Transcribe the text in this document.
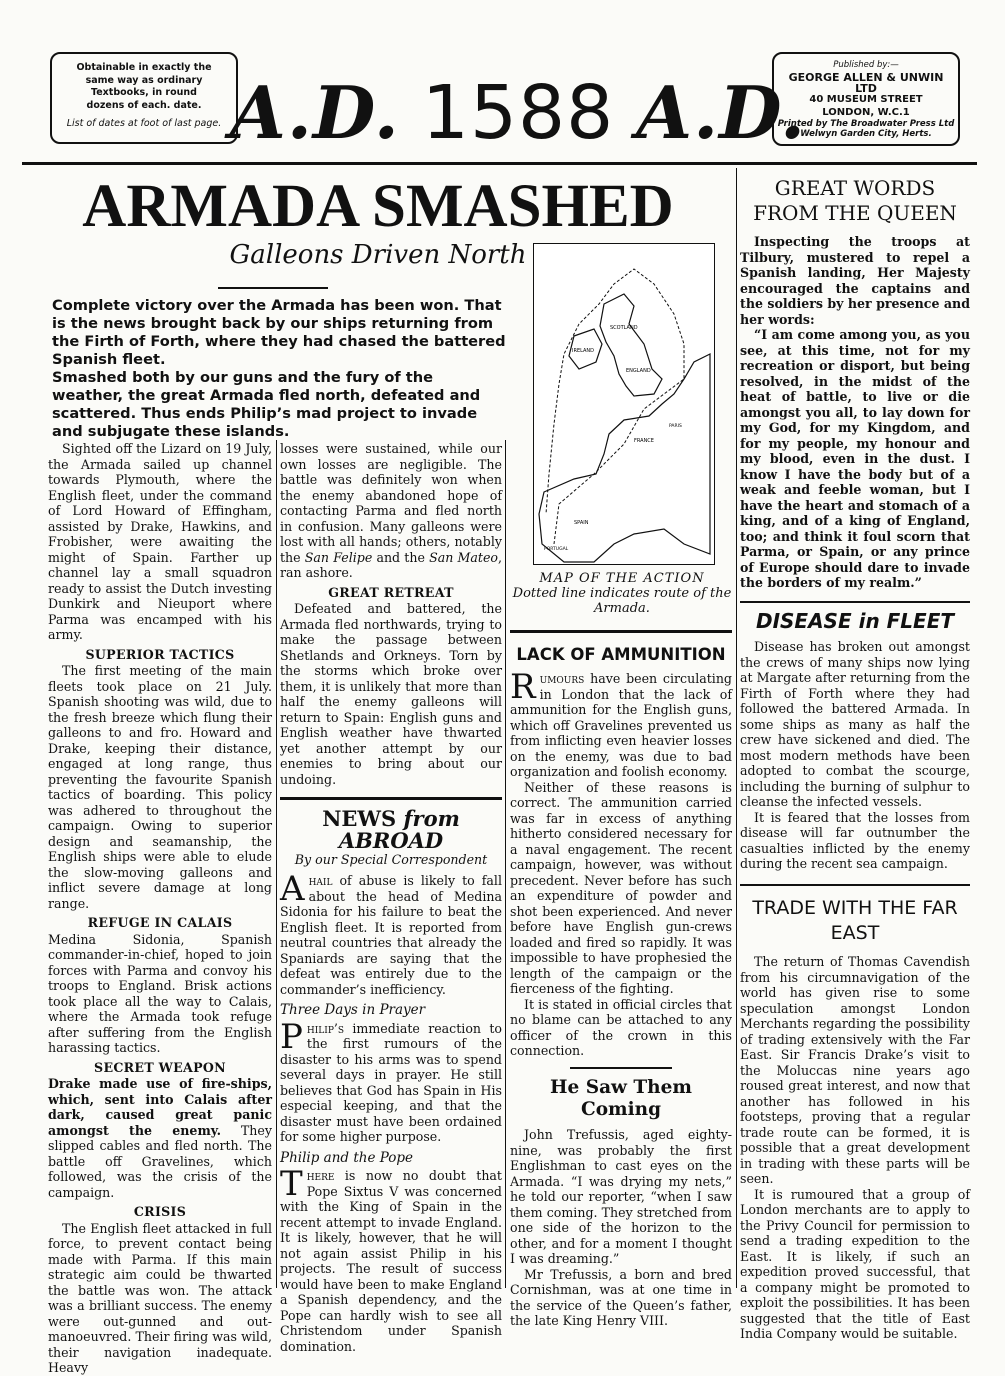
Obtainable in exactly the
same way as ordinary
Textbooks, in round
dozens of each. date.
List of dates at foot of last page. A.D. 1588 A.D.
Published by:—
GEORGE ALLEN & UNWIN
LTD
40 MUSEUM STREET
LONDON, W.C.1
Printed by The Broadwater Press Ltd
Welwyn Garden City, Herts.
ARMADA SMASHED
Galleons Driven North

Complete victory over the Armada has been won. That is the news brought back by our ships returning from the Firth of Forth, where they had chased the battered Spanish fleet.

Smashed both by our guns and the fury of the weather, the great Armada fled north, defeated and scattered. Thus ends Philip’s mad project to invade and subjugate these islands.

Sighted off the Lizard on 19 July, the Armada sailed up channel towards Plymouth, where the English fleet, under the command of Lord Howard of Effingham, assisted by Drake, Hawkins, and Frobisher, were awaiting the might of Spain. Farther up channel lay a small squadron ready to assist the Dutch investing Dunkirk and Nieuport where Parma was encamped with his army.

SUPERIOR TACTICS

The first meeting of the main fleets took place on 21 July. Spanish shooting was wild, due to the fresh breeze which flung their galleons to and fro. Howard and Drake, keeping their distance, engaged at long range, thus preventing the favourite Spanish tactics of boarding. This policy was adhered to throughout the campaign. Owing to superior design and seamanship, the English ships were able to elude the slow-moving galleons and inflict severe damage at long range.

REFUGE IN CALAIS

Medina Sidonia, Spanish commander-in-chief, hoped to join forces with Parma and convoy his troops to England. Brisk actions took place all the way to Calais, where the Armada took refuge after suffering from the English harassing tactics.

SECRET WEAPON

Drake made use of fire-ships, which, sent into Calais after dark, caused great panic amongst the enemy. They slipped cables and fled north. The battle off Gravelines, which followed, was the crisis of the campaign.

CRISIS

The English fleet attacked in full force, to prevent contact being made with Parma. If this main strategic aim could be thwarted the battle was won. The attack was a brilliant success. The enemy were out-gunned and out-manoeuvred. Their firing was wild, their navigation inadequate. Heavy

losses were sustained, while our own losses are negligible. The battle was definitely won when the enemy abandoned hope of contacting Parma and fled north in confusion. Many galleons were lost with all hands; others, notably the San Felipe and the San Mateo, ran ashore.

GREAT RETREAT

Defeated and battered, the Armada fled northwards, trying to make the passage between Shetlands and Orkneys. Torn by the storms which broke over them, it is unlikely that more than half the enemy galleons will return to Spain: English guns and English weather have thwarted yet another attempt by our enemies to bring about our undoing.

NEWS from ABROAD
By our Special Correspondent

Ahail of abuse is likely to fall about the head of Medina Sidonia for his failure to beat the English fleet. It is reported from neutral countries that already the Spaniards are saying that the defeat was entirely due to the commander’s inefficiency.

Three Days in Prayer

Philip’s immediate reaction to the first rumours of the disaster to his arms was to spend several days in prayer. He still believes that God has Spain in His especial keeping, and that the disaster must have been ordained for some higher purpose.

Philip and the Pope

There is now no doubt that Pope Sixtus V was concerned with the King of Spain in the recent attempt to invade England. It is likely, however, that he will not again assist Philip in his projects. The result of success would have been to make England a Spanish dependency, and the Pope can hardly wish to see all Christendom under Spanish domination.

SCOTLAND
IRELAND
ENGLAND
FRANCE
PARIS
SPAIN
PORTUGAL
MAP OF THE ACTION
Dotted line indicates route of the Armada.
LACK OF AMMUNITION

Rumours have been circulating in London that the lack of ammunition for the English guns, which off Gravelines prevented us from inflicting even heavier losses on the enemy, was due to bad organization and foolish economy.

Neither of these reasons is correct. The ammunition carried was far in excess of anything hitherto considered necessary for a naval engagement. The recent campaign, however, was without precedent. Never before has such an expenditure of powder and shot been experienced. And never before have English gun-crews loaded and fired so rapidly. It was impossible to have prophesied the length of the campaign or the fierceness of the fighting.

It is stated in official circles that no blame can be attached to any officer of the crown in this connection.

He Saw Them Coming

John Trefussis, aged eighty-nine, was probably the first Englishman to cast eyes on the Armada. “I was drying my nets,” he told our reporter, “when I saw them coming. They stretched from one side of the horizon to the other, and for a moment I thought I was dreaming.”

Mr Trefussis, a born and bred Cornishman, was at one time in the service of the Queen’s father, the late King Henry VIII.

GREAT WORDS FROM THE QUEEN

Inspecting the troops at Tilbury, mustered to repel a Spanish landing, Her Majesty encouraged the captains and the soldiers by her presence and her words:

“I am come among you, as you see, at this time, not for my recreation or disport, but being resolved, in the midst of the heat of battle, to live or die amongst you all, to lay down for my God, for my Kingdom, and for my people, my honour and my blood, even in the dust. I know I have the body but of a weak and feeble woman, but I have the heart and stomach of a king, and of a king of England, too; and think it foul scorn that Parma, or Spain, or any prince of Europe should dare to invade the borders of my realm.”

DISEASE in FLEET

Disease has broken out amongst the crews of many ships now lying at Margate after returning from the Firth of Forth where they had followed the battered Armada. In some ships as many as half the crew have sickened and died. The most modern methods have been adopted to combat the scourge, including the burning of sulphur to cleanse the infected vessels.

It is feared that the losses from disease will far outnumber the casualties inflicted by the enemy during the recent sea campaign.

TRADE WITH THE FAR EAST

The return of Thomas Cavendish from his circumnavigation of the world has given rise to some speculation amongst London Merchants regarding the possibility of trading extensively with the Far East. Sir Francis Drake’s visit to the Moluccas nine years ago roused great interest, and now that another has followed in his footsteps, proving that a regular trade route can be formed, it is possible that a great development in trading with these parts will be seen.

It is rumoured that a group of London merchants are to apply to the Privy Council for permission to send a trading expedition to the East. It is likely, if such an expedition proved successful, that a company might be promoted to exploit the possibilities. It has been suggested that the title of East India Company would be suitable.
